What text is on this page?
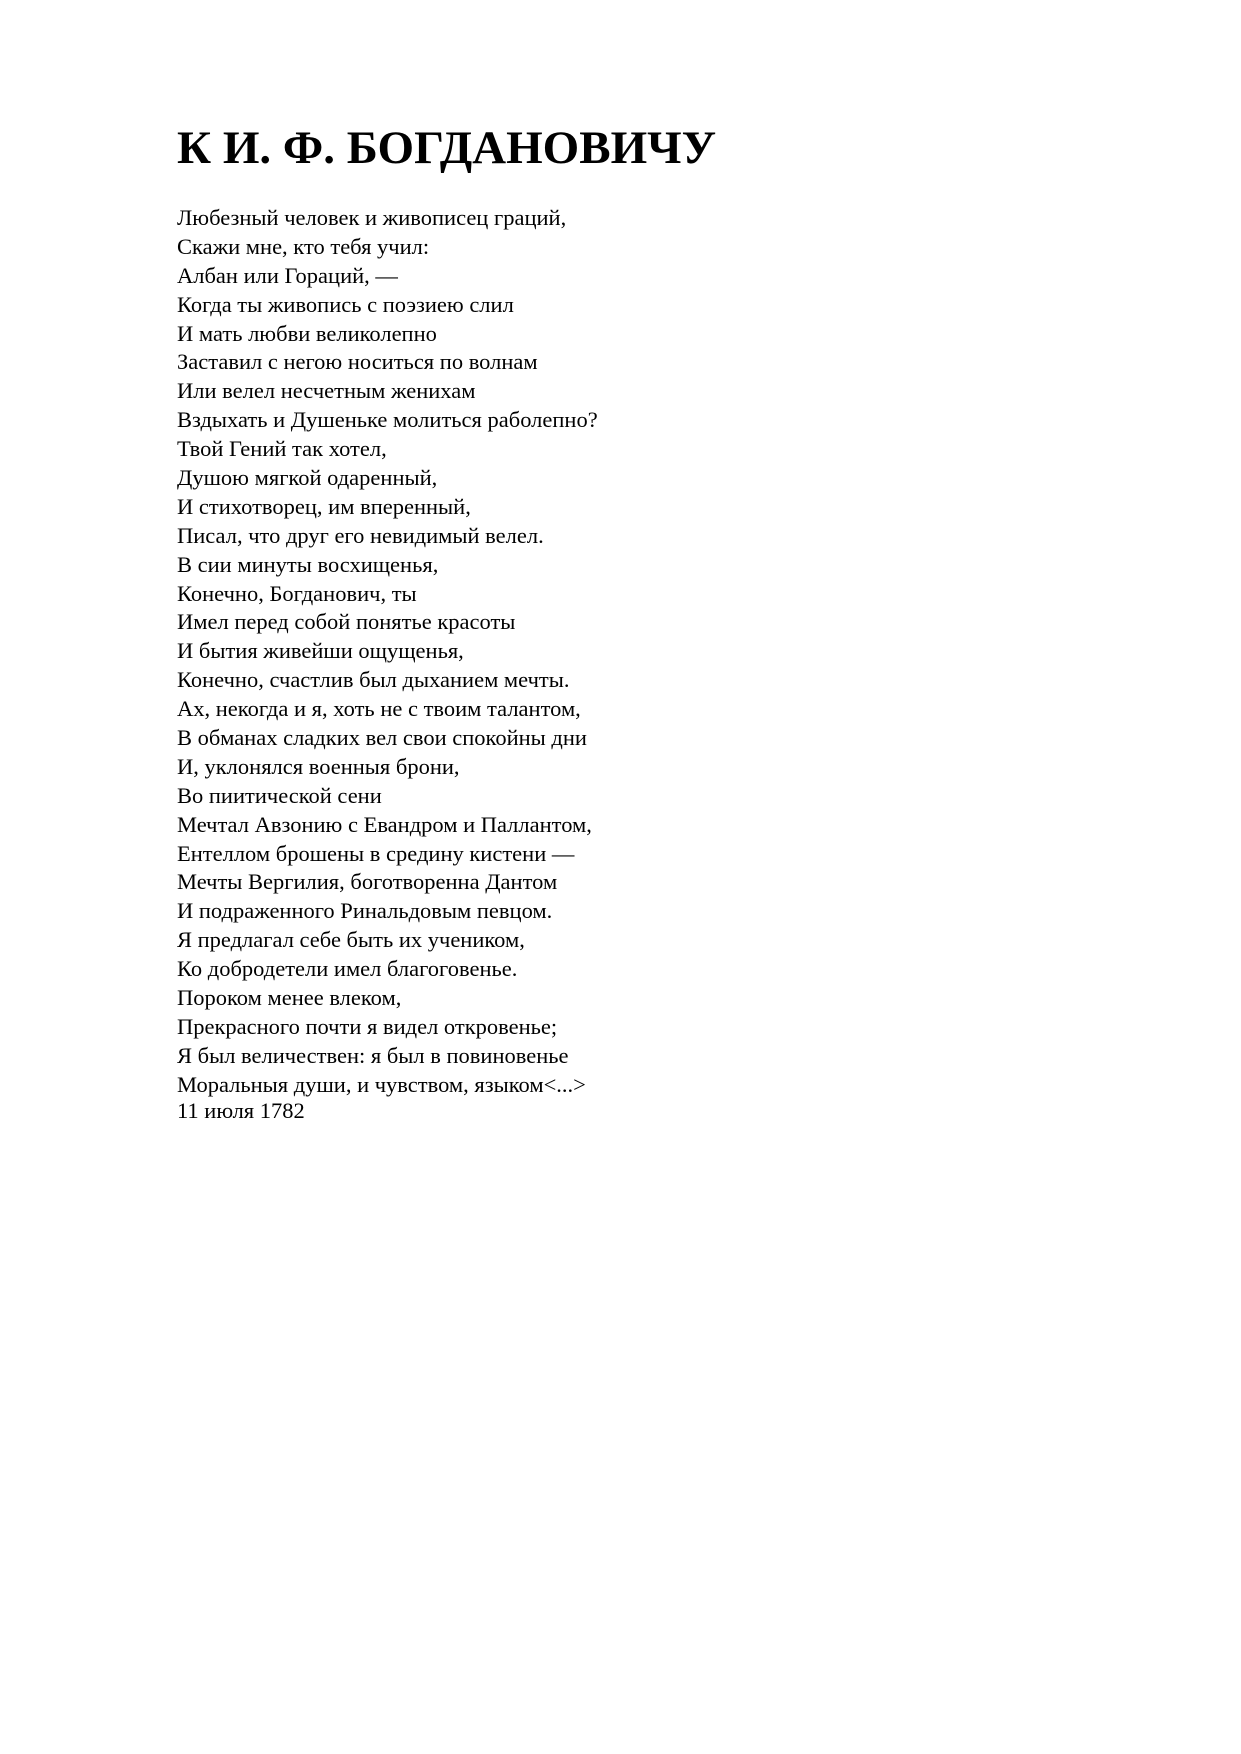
К И. Ф. БОГДАНОВИЧУ
Любезный человек и живописец граций,
Скажи мне, кто тебя учил:
Албан или Гораций, —
Когда ты живопись с поэзиею слил
И мать любви великолепно
Заставил с негою носиться по волнам
Или велел несчетным женихам
Вздыхать и Душеньке молиться раболепно?
Твой Гений так хотел,
Душою мягкой одаренный,
И стихотворец, им вперенный,
Писал, что друг его невидимый велел.
В сии минуты восхищенья,
Конечно, Богданович, ты
Имел перед собой понятье красоты
И бытия живейши ощущенья,
Конечно, счастлив был дыханием мечты.
Ах, некогда и я, хоть не с твоим талантом,
В обманах сладких вел свои спокойны дни
И, уклонялся военныя брони,
Во пиитической сени
Мечтал Авзонию с Евандром и Паллантом,
Ентеллом брошены в средину кистени —
Мечты Вергилия, боготворенна Дантом
И подраженного Ринальдовым певцом.
Я предлагал себе быть их учеником,
Ко добродетели имел благоговенье.
Пороком менее влеком,
Прекрасного почти я видел откровенье;
Я был величествен: я был в повиновенье
Моральныя души, и чувством, языком<...>

11 июля 1782
